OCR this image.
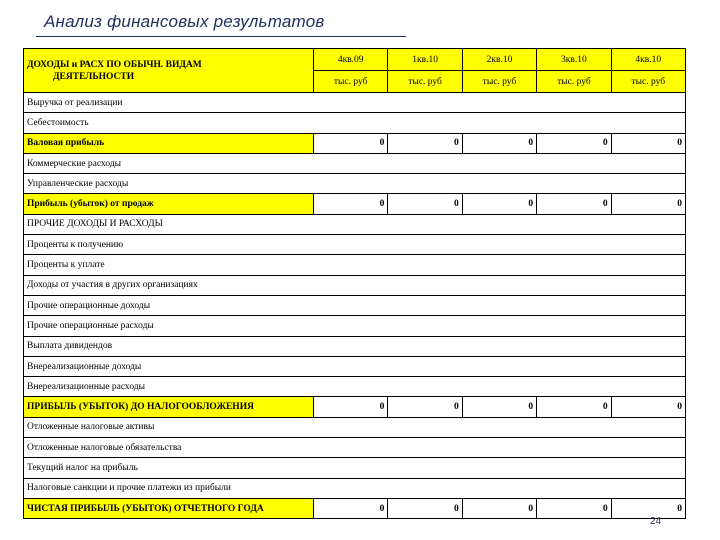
Анализ финансовых результатов
ДОХОДЫ и РАСХ ПО ОБЫЧН. ВИДАМ
ДЕЯТЕЛЬНОСТИ	4кв.09	1кв.10	2кв.10	3кв.10	4кв.10
	тыс. руб	тыс. руб	тыс. руб	тыс. руб	тыс. руб
Выручка от реализации					
Себестоимость					
Валовая прибыль	0	0	0	0	0
Коммерческие расходы					
Управленческие расходы					
Прибыль (убыток) от продаж	0	0	0	0	0
ПРОЧИЕ ДОХОДЫ И РАСХОДЫ					
Проценты к получению					
Проценты к уплате					
Доходы от участия в других организациях					
Прочие операционные доходы					
Прочие операционные расходы					
Выплата дивидендов					
Внереализационные доходы					
Внереализационные расходы					
ПРИБЫЛЬ (УБЫТОК) ДО НАЛОГООБЛОЖЕНИЯ	0	0	0	0	0
Отложенные налоговые активы					
Отложенные налоговые обязательства					
Текущий налог на прибыль					
Налоговые санкции и прочие платежи из прибыли					
ЧИСТАЯ ПРИБЫЛЬ (УБЫТОК) ОТЧЕТНОГО ГОДА	0	0	0	0	0
24
